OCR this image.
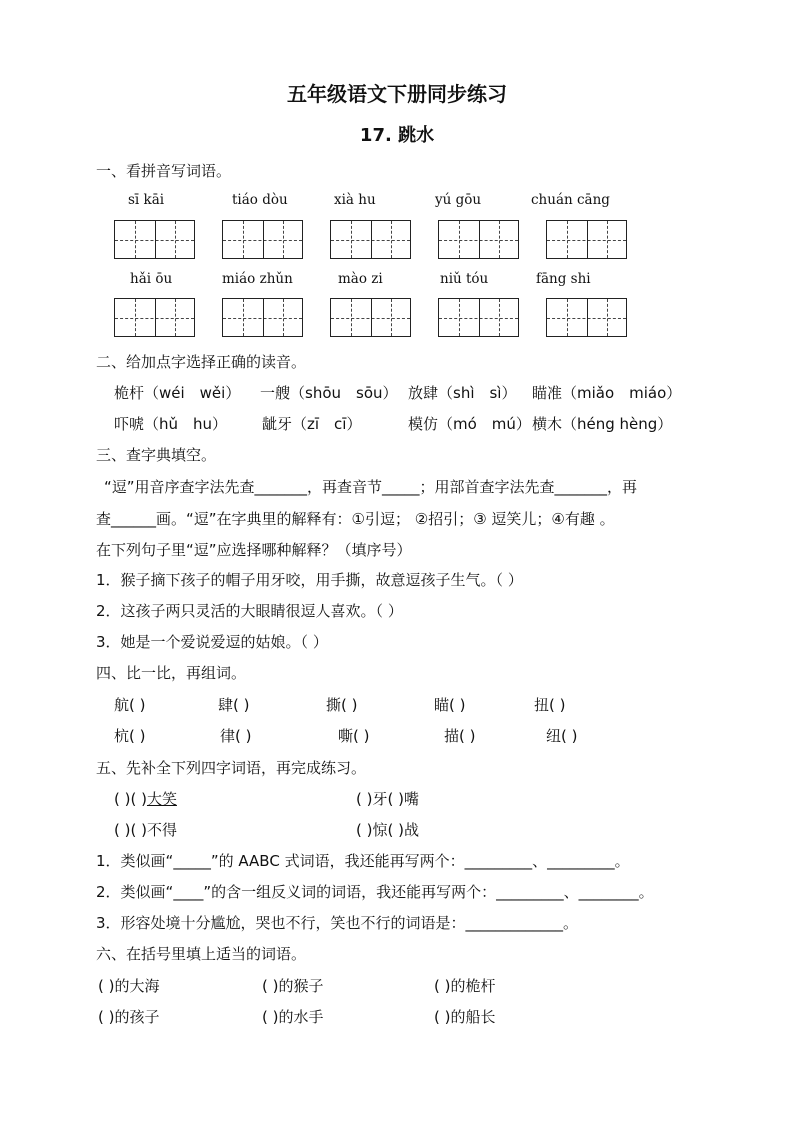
五年级语文下册同步练习
17. 跳水
一、看拼音写词语。
sī kāi	tiáo dòu	xià hu	yú gōu	chuán cāng
hǎi ōu	miáo zhǔn	mào zi	niǔ tóu	fāng shi
二、给加点字选择正确的读音。
桅杆（wéi　wěi） 一艘（shōu　sōu） 放肆（shì　sì） 瞄准（miǎo　miáo）
吓唬（hǔ　hu） 龇牙（zī　cī）	模仿（mó　mú） 横木（héng hèng）
三、查字典填空。
“逗”用音序查字法先查_______，再查音节_____；用部首查字法先查_______，再
查______画。“逗”在字典里的解释有：①引逗； ②招引；③ 逗笑儿；④有趣 。
在下列句子里“逗”应选择哪种解释？（填序号）
1．猴子摘下孩子的帽子用牙咬，用手撕，故意逗孩子生气。（ ）
2．这孩子两只灵活的大眼睛很逗人喜欢。（ ）
3．她是一个爱说爱逗的姑娘。（ ）
四、比一比，再组词。
航( )	肆( )	撕( )	瞄( )	扭( )
杭( )	律( )	嘶( )	描( )	纽( )
五、先补全下列四字词语，再完成练习。
( )( )大笑	( )牙( )嘴
( )( )不得	( )惊( )战
1．类似画“_____”的 AABC 式词语，我还能再写两个：_________、_________。
2．类似画“____”的含一组反义词的词语，我还能再写两个：_________、________。
3．形容处境十分尴尬，哭也不行，笑也不行的词语是：_____________。
六、在括号里填上适当的词语。
( )的大海	( )的猴子	( )的桅杆
( )的孩子	( )的水手	( )的船长
